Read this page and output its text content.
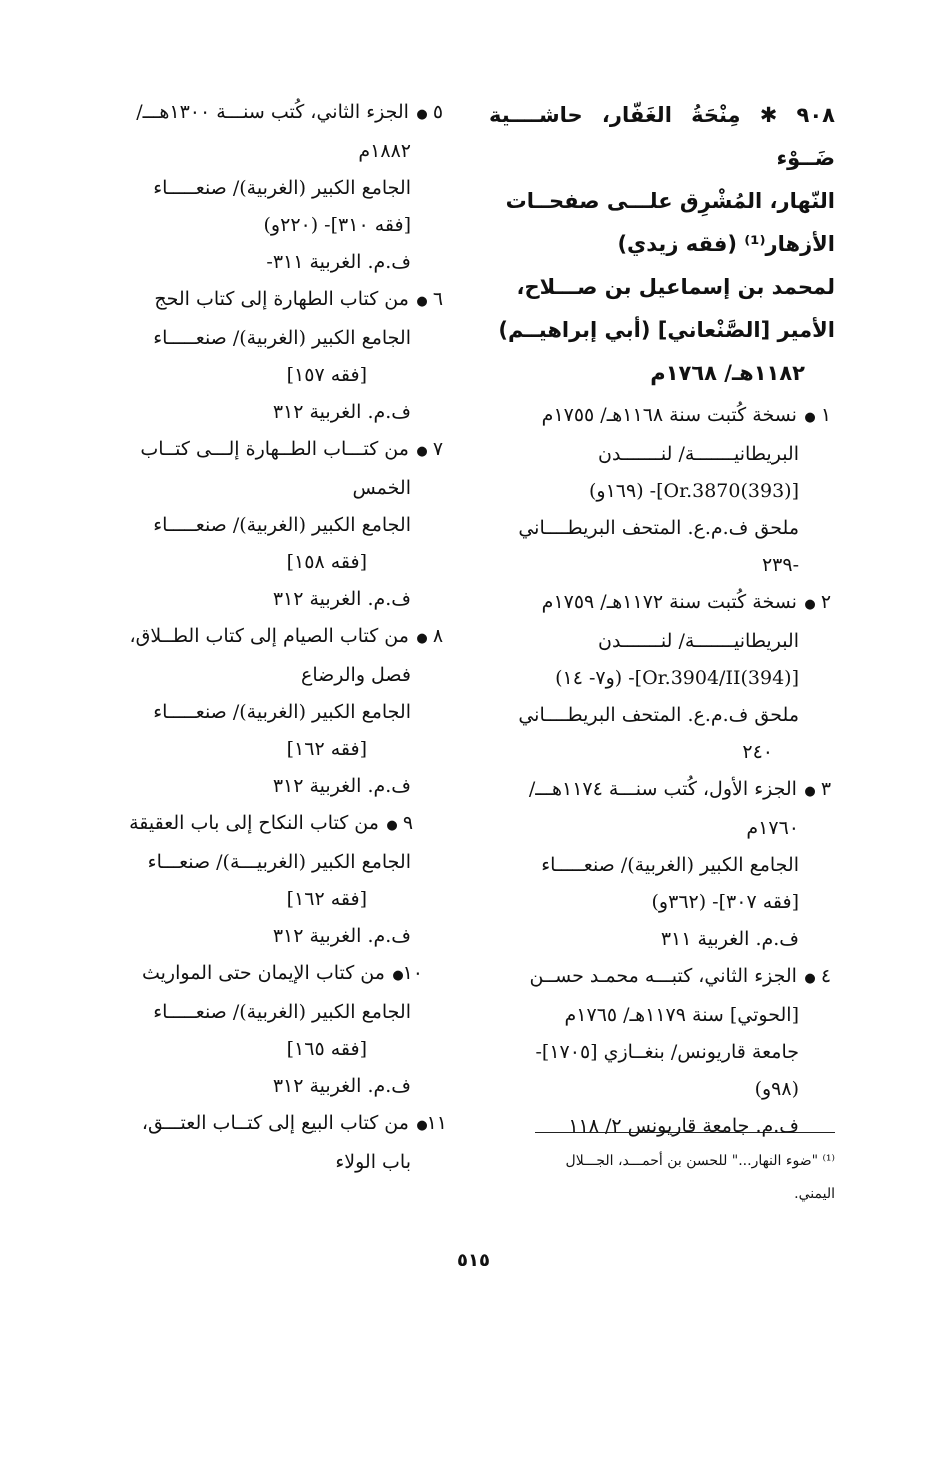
٩٠٨ ✱ مِنْحَةُ الغَفّار، حاشــــية ضَــوْء
النّهار، المُشْرِق علـــى صفحــات
الأزهار⁽¹⁾ (فقه زيدي)
لمحمد بن إسماعيل بن صـــلاح،
الأمير [الصَّنْعاني] (أبي إبراهيــم)
١١٨٢هـ/ ١٧٦٨م
١● نسخة كُتبت سنة ١١٦٨هـ/ ١٧٥٥م
البريطانيـــــــة/ لنـــــــدن
[(393)Or.3870]- (١٦٩و)
ملحق ف.م.ع. المتحف البريطــــاني
-٢٣٩
٢● نسخة كُتبت سنة ١١٧٢هـ/ ١٧٥٩م
البريطانيـــــــة/ لنـــــــدن
[(394)Or.3904/II]- (و٧- ١٤)
ملحق ف.م.ع. المتحف البريطــــاني
٢٤٠
٣● الجزء الأول، كُتب سنـــة ١١٧٤هـــ/
١٧٦٠م
الجامع الكبير (الغربية)/ صنعـــــاء
[فقه ٣٠٧]- (٣٦٢و)
ف.م. الغربية ٣١١
٤● الجزء الثاني، كتبـــه محمـد حســن
[الحوتي] سنة ١١٧٩هـ/ ١٧٦٥م
جامعة قاريونس/ بنغــازي [١٧٠٥]-
(٩٨و)
ف.م. جامعة قاريونس ٢/ ١١٨
٥● الجزء الثاني، كُتب سنـــة ١٣٠٠هـــ/
١٨٨٢م
الجامع الكبير (الغربية)/ صنعـــــاء
[فقه ٣١٠]- (٢٢٠و)
ف.م. الغربية ٣١١-
٦● من كتاب الطهارة إلى كتاب الحج
الجامع الكبير (الغربية)/ صنعـــــاء
[فقه ١٥٧]
ف.م. الغربية ٣١٢
٧● من كتـــاب الطــهارة إلـــى كتــاب
الخمس
الجامع الكبير (الغربية)/ صنعـــــاء
[فقه ١٥٨]
ف.م. الغربية ٣١٢
٨● من كتاب الصيام إلى كتاب الطــلاق،
فصل والرضاع
الجامع الكبير (الغربية)/ صنعـــــاء
[فقه ١٦٢]
ف.م. الغربية ٣١٢
٩● من كتاب النكاح إلى باب العقيقة
الجامع الكبير (الغربيـــة)/ صنعـــاء
[فقه ١٦٢]
ف.م. الغربية ٣١٢
١٠● من كتاب الإيمان حتى المواريث
الجامع الكبير (الغربية)/ صنعـــــاء
[فقه ١٦٥]
ف.م. الغربية ٣١٢
١١● من كتاب البيع إلى كتــاب العتـــق،
باب الولاء	⁽¹⁾ "ضوء النهار..." للحسن بن أحمـــد، الجـــلال
اليمني.
٥١٥
